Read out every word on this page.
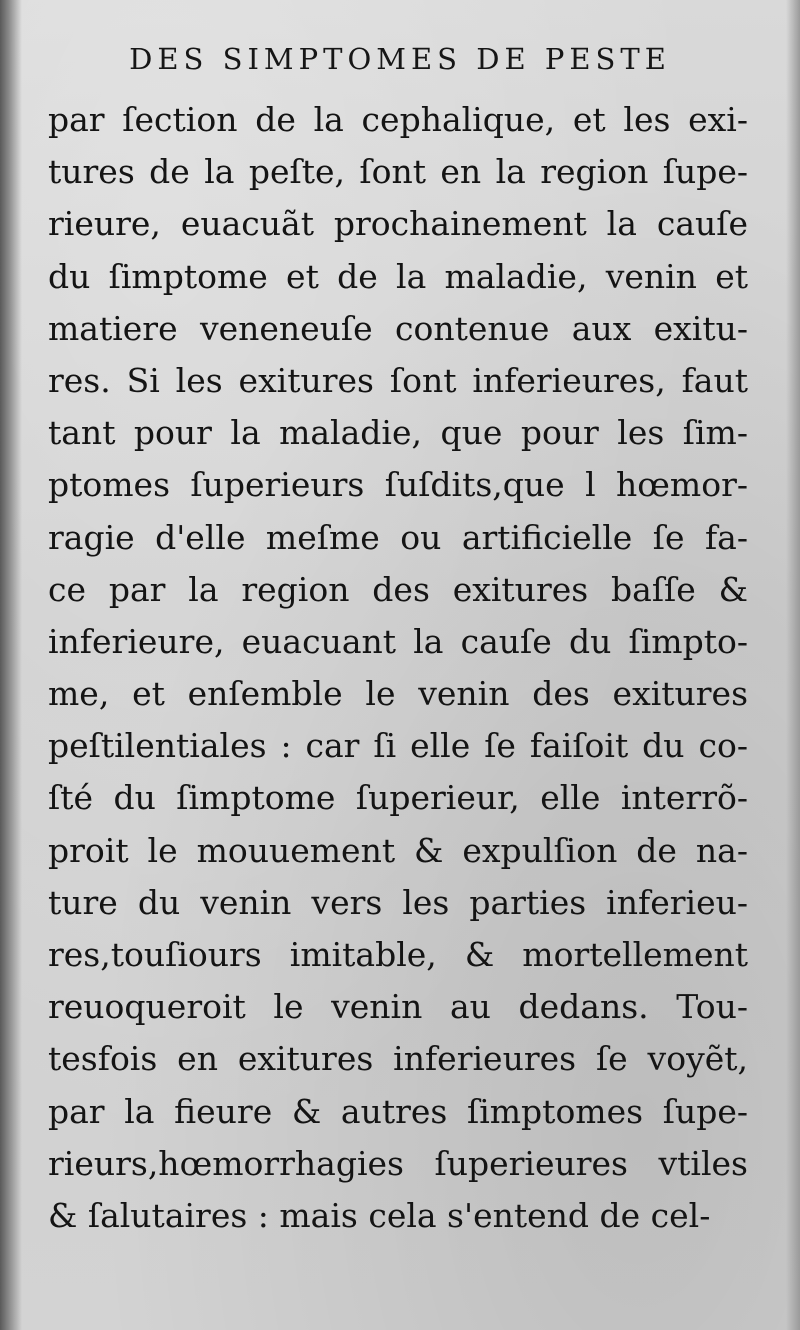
DES SIMPTOMES DE PESTE
par ſection de la cephalique, et les exi-
tures de la peſte, ſont en la region ſupe-
rieure, euacuãt prochainement la cauſe
du ſimptome et de la maladie, venin et
matiere veneneuſe contenue aux exitu-
res. Si les exitures ſont inferieures, faut
tant pour la maladie, que pour les ſim-
ptomes ſuperieurs ſuſdits,que l hœmor-
ragie d'elle meſme ou artificielle ſe fa-
ce par la region des exitures baſſe &
inferieure, euacuant la cauſe du ſimpto-
me, et enſemble le venin des exitures
peſtilentiales : car ſi elle ſe faiſoit du co-
ſté du ſimptome ſuperieur, elle interrõ-
proit le mouuement & expulſion de na-
ture du venin vers les parties inferieu-
res,touſiours imitable, & mortellement
reuoqueroit le venin au dedans. Tou-
tesfois en exitures inferieures ſe voyẽt,
par la fieure & autres ſimptomes ſupe-
rieurs,hœmorrhagies ſuperieures vtiles
& ſalutaires : mais cela s'entend de cel-
